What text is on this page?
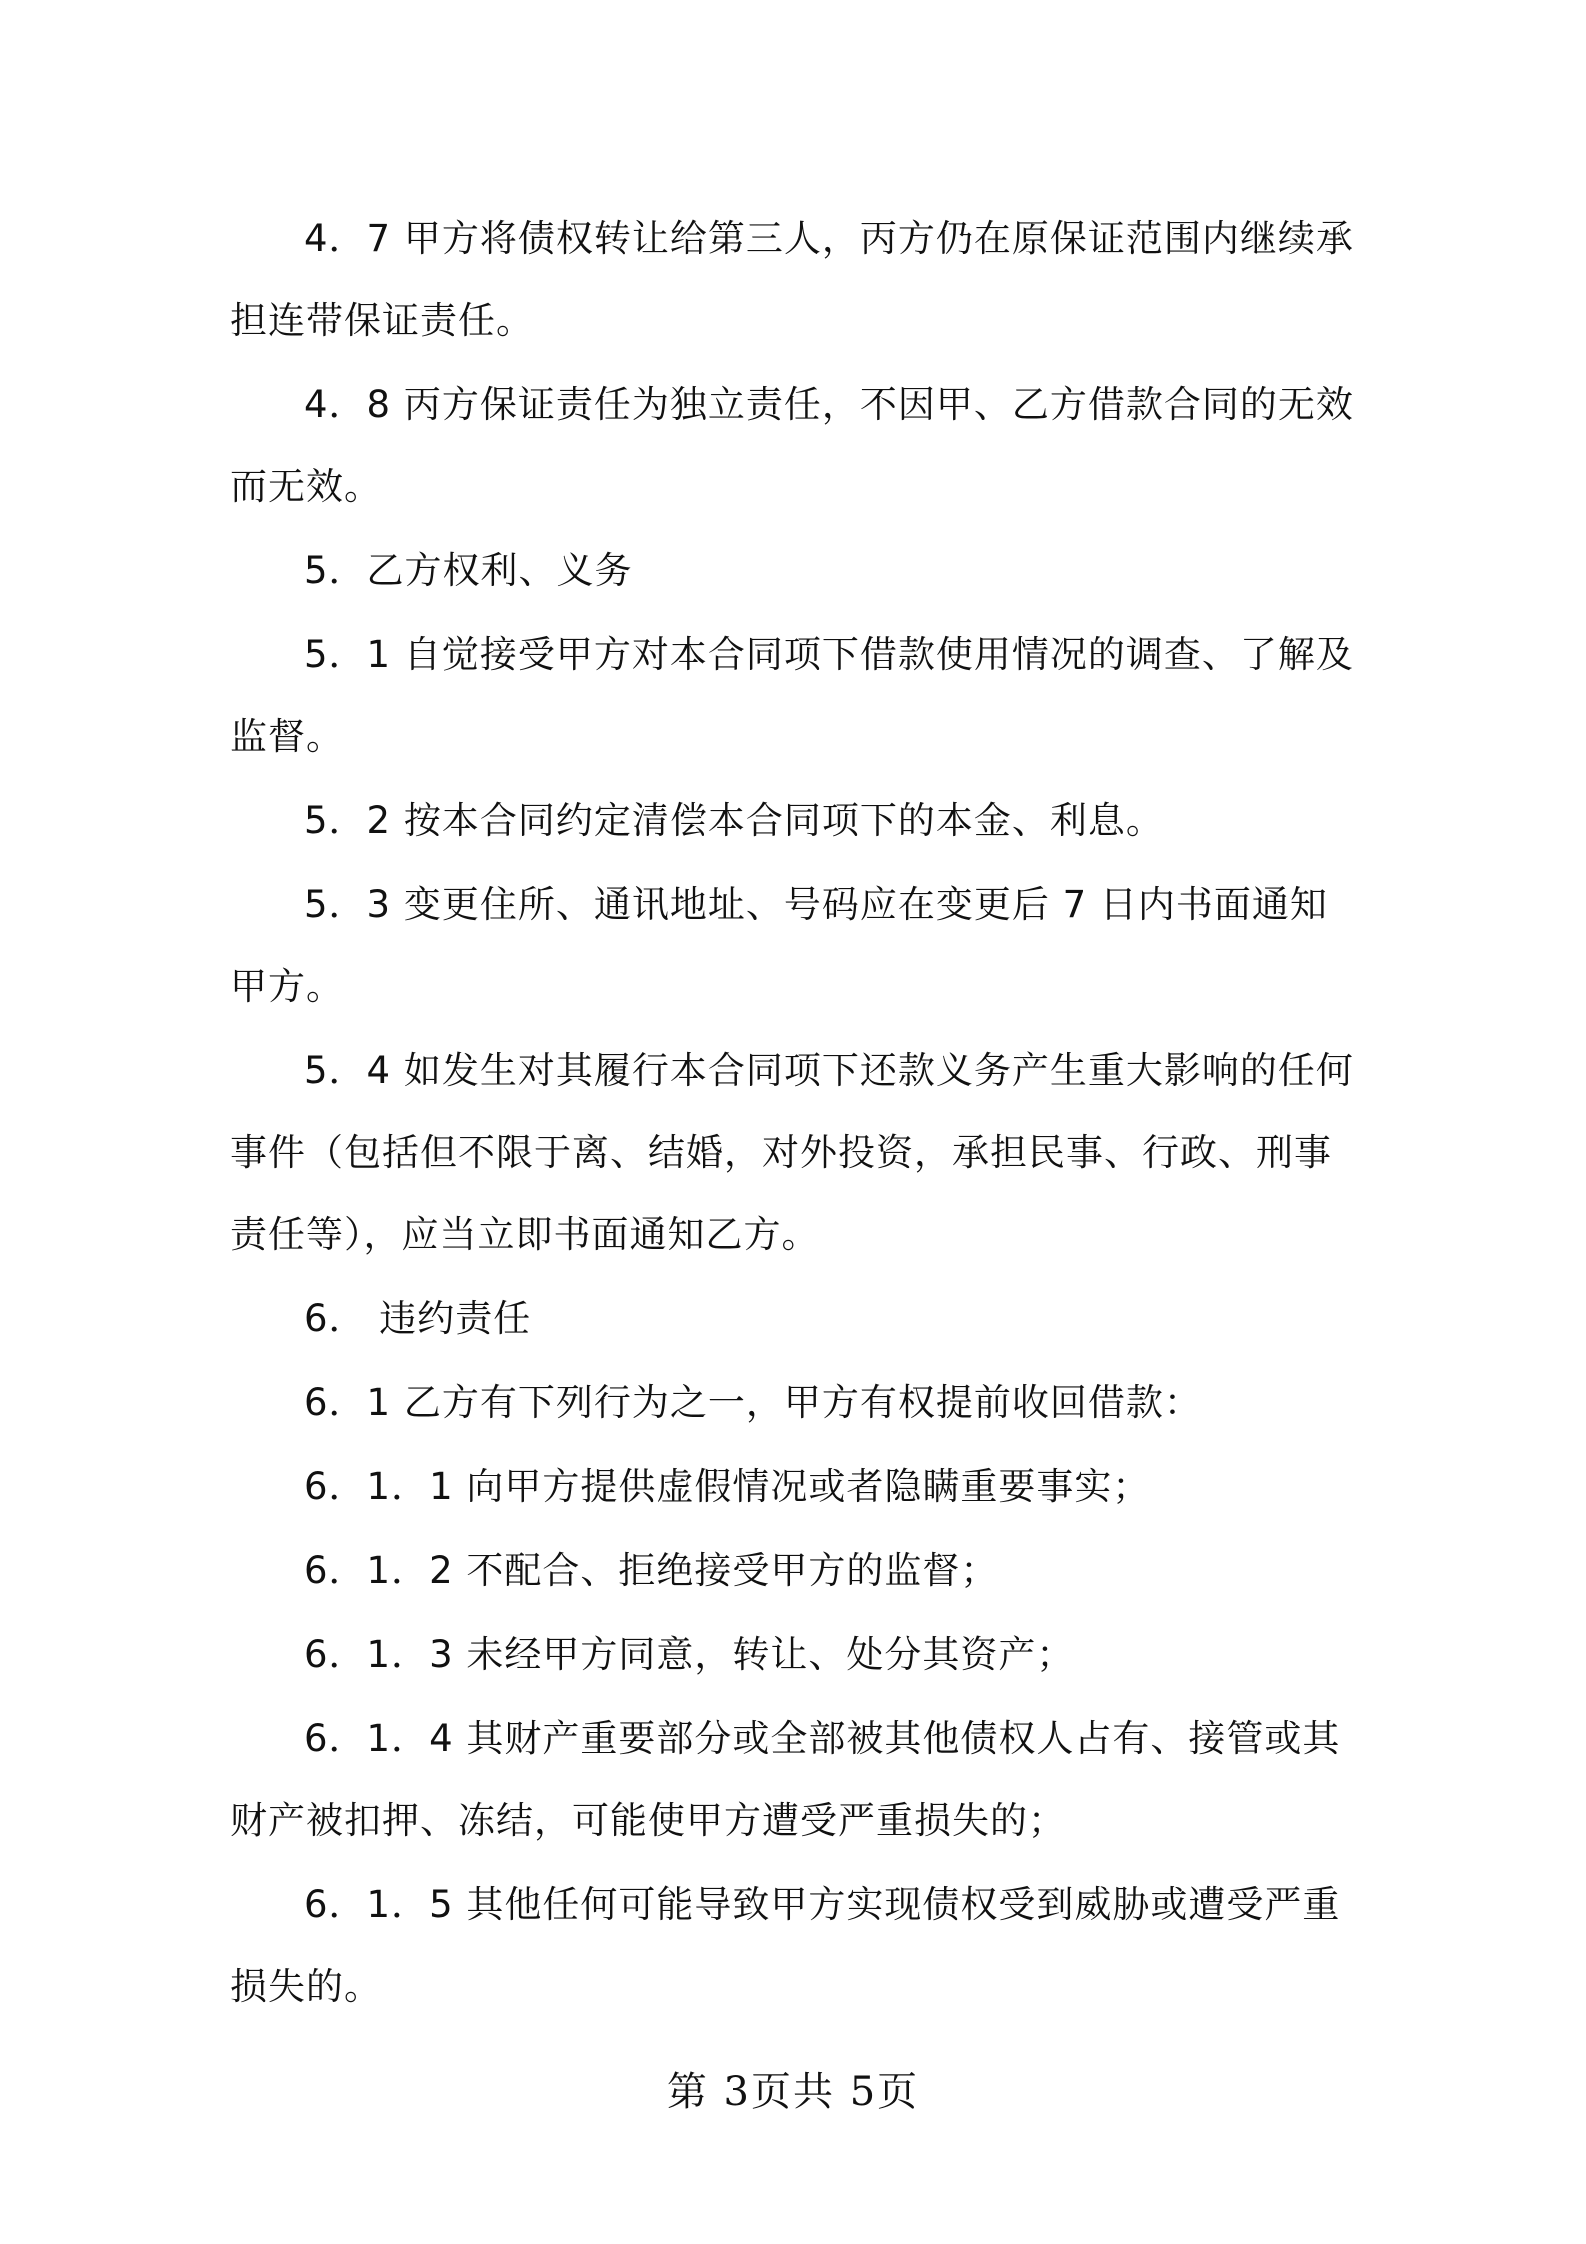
4．7 甲方将债权转让给第三人，丙方仍在原保证范围内继续承担连带保证责任。

4．8 丙方保证责任为独立责任，不因甲、乙方借款合同的无效而无效。

5．乙方权利、义务

5．1 自觉接受甲方对本合同项下借款使用情况的调查、了解及监督。

5．2 按本合同约定清偿本合同项下的本金、利息。

5．3 变更住所、通讯地址、号码应在变更后 7 日内书面通知甲方。

5．4 如发生对其履行本合同项下还款义务产生重大影响的任何事件（包括但不限于离、结婚，对外投资，承担民事、行政、刑事责任等），应当立即书面通知乙方。

6． 违约责任

6．1 乙方有下列行为之一，甲方有权提前收回借款：

6．1．1 向甲方提供虚假情况或者隐瞒重要事实；

6．1．2 不配合、拒绝接受甲方的监督；

6．1．3 未经甲方同意，转让、处分其资产；

6．1．4 其财产重要部分或全部被其他债权人占有、接管或其财产被扣押、冻结，可能使甲方遭受严重损失的；

6．1．5 其他任何可能导致甲方实现债权受到威胁或遭受严重损失的。

第 3页共 5页
